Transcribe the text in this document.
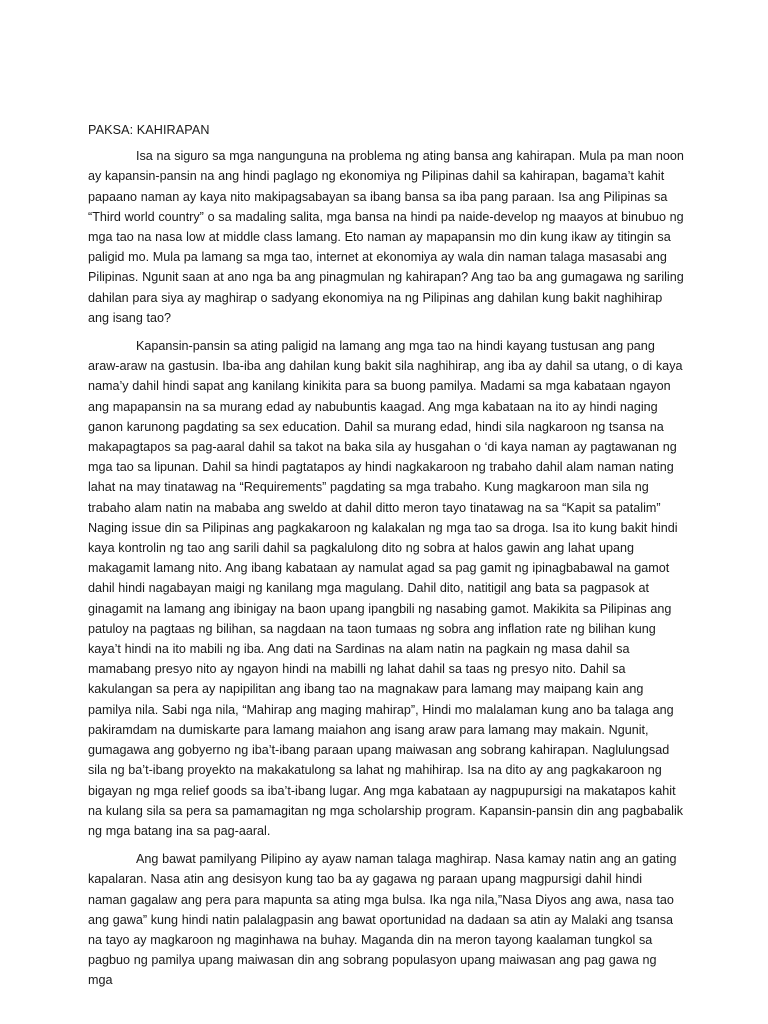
PAKSA: KAHIRAPAN

Isa na siguro sa mga nangunguna na problema ng ating bansa ang kahirapan. Mula pa man noon ay kapansin-pansin na ang hindi paglago ng ekonomiya ng Pilipinas dahil sa kahirapan, bagama’t kahit papaano naman ay kaya nito makipagsabayan sa ibang bansa sa iba pang paraan. Isa ang Pilipinas sa “Third world country” o sa madaling salita, mga bansa na hindi pa naide-develop ng maayos at binubuo ng mga tao na nasa low at middle class lamang. Eto naman ay mapapansin mo din kung ikaw ay titingin sa paligid mo. Mula pa lamang sa mga tao, internet at ekonomiya ay wala din naman talaga masasabi ang Pilipinas. Ngunit saan at ano nga ba ang pinagmulan ng kahirapan? Ang tao ba ang gumagawa ng sariling dahilan para siya ay maghirap o sadyang ekonomiya na ng Pilipinas ang dahilan kung bakit naghihirap ang isang tao?

Kapansin-pansin sa ating paligid na lamang ang mga tao na hindi kayang tustusan ang pang araw-araw na gastusin. Iba-iba ang dahilan kung bakit sila naghihirap, ang iba ay dahil sa utang, o di kaya nama’y dahil hindi sapat ang kanilang kinikita para sa buong pamilya. Madami sa mga kabataan ngayon ang mapapansin na sa murang edad ay nabubuntis kaagad. Ang mga kabataan na ito ay hindi naging ganon karunong pagdating sa sex education. Dahil sa murang edad, hindi sila nagkaroon ng tsansa na makapagtapos sa pag-aaral dahil sa takot na baka sila ay husgahan o ‘di kaya naman ay pagtawanan ng mga tao sa lipunan. Dahil sa hindi pagtatapos ay hindi nagkakaroon ng trabaho dahil alam naman nating lahat na may tinatawag na “Requirements” pagdating sa mga trabaho. Kung magkaroon man sila ng trabaho alam natin na mababa ang sweldo at dahil ditto meron tayo tinatawag na sa “Kapit sa patalim” Naging issue din sa Pilipinas ang pagkakaroon ng kalakalan ng mga tao sa droga. Isa ito kung bakit hindi kaya kontrolin ng tao ang sarili dahil sa pagkalulong dito ng sobra at halos gawin ang lahat upang makagamit lamang nito. Ang ibang kabataan ay namulat agad sa pag gamit ng ipinagbabawal na gamot dahil hindi nagabayan maigi ng kanilang mga magulang. Dahil dito, natitigil ang bata sa pagpasok at ginagamit na lamang ang ibinigay na baon upang ipangbili ng nasabing gamot. Makikita sa Pilipinas ang patuloy na pagtaas ng bilihan, sa nagdaan na taon tumaas ng sobra ang inflation rate ng bilihan kung kaya’t hindi na ito mabili ng iba. Ang dati na Sardinas na alam natin na pagkain ng masa dahil sa mamabang presyo nito ay ngayon hindi na mabilli ng lahat dahil sa taas ng presyo nito. Dahil sa kakulangan sa pera ay napipilitan ang ibang tao na magnakaw para lamang may maipang kain ang pamilya nila. Sabi nga nila, “Mahirap ang maging mahirap”, Hindi mo malalaman kung ano ba talaga ang pakiramdam na dumiskarte para lamang maiahon ang isang araw para lamang may makain. Ngunit, gumagawa ang gobyerno ng iba’t-ibang paraan upang maiwasan ang sobrang kahirapan. Naglulungsad sila ng ba’t-ibang proyekto na makakatulong sa lahat ng mahihirap. Isa na dito ay ang pagkakaroon ng bigayan ng mga relief goods sa iba’t-ibang lugar. Ang mga kabataan ay nagpupursigi na makatapos kahit na kulang sila sa pera sa pamamagitan ng mga scholarship program. Kapansin-pansin din ang pagbabalik ng mga batang ina sa pag-aaral.

Ang bawat pamilyang Pilipino ay ayaw naman talaga maghirap. Nasa kamay natin ang an gating kapalaran. Nasa atin ang desisyon kung tao ba ay gagawa ng paraan upang magpursigi dahil hindi naman gagalaw ang pera para mapunta sa ating mga bulsa. Ika nga nila,”Nasa Diyos ang awa, nasa tao ang gawa” kung hindi natin palalagpasin ang bawat oportunidad na dadaan sa atin ay Malaki ang tsansa na tayo ay magkaroon ng maginhawa na buhay. Maganda din na meron tayong kaalaman tungkol sa pagbuo ng pamilya upang maiwasan din ang sobrang populasyon upang maiwasan ang pag gawa ng mga
